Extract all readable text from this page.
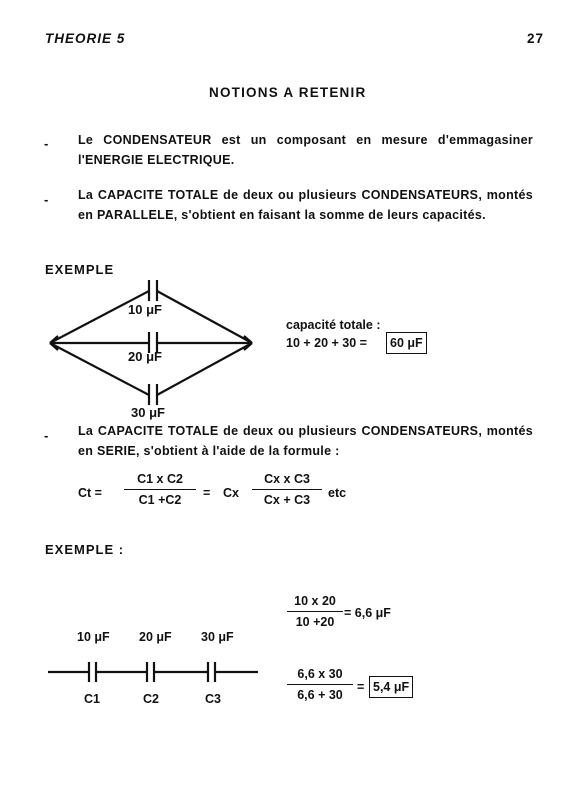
THEORIE 5	27
NOTIONS A RETENIR
- Le CONDENSATEUR est un composant en mesure d'emmagasiner l'ENERGIE ELECTRIQUE.
- La CAPACITE TOTALE de deux ou plusieurs CONDENSATEURS, montés en PARALLELE, s'obtient en faisant la somme de leurs capacités.
EXEMPLE
10 μF
20 μF
30 μF
capacité totale :
10 + 20 + 30 =	60 μF
- La CAPACITE TOTALE de deux ou plusieurs CONDENSATEURS, montés en SERIE, s'obtient à l'aide de la formule :
$Ct = \frac{\text{C1 x C2}}{C1 +C2} = Cx \frac{\text{Cx x C3}}{Cx + C3}$ etc
EXEMPLE :
10 μF 20 μF 30 μF
C1	C2	C3
$\frac{10 x 20}{10 +20} = 6,6$ μF
$\frac{6,6 x 30}{6,6 + 30} = 5,4$ μF
